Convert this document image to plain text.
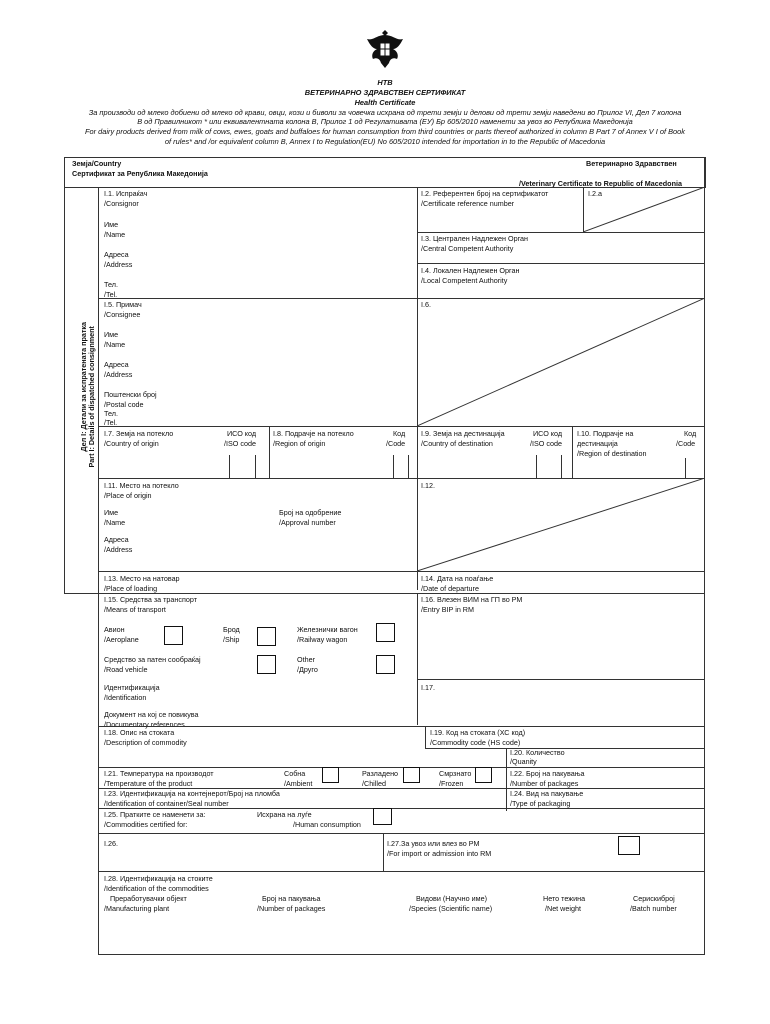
НТВ
ВЕТЕРИНАРНО ЗДРАВСТВЕН СЕРТИФИКАТ
Health Certificate
За производи од млеко добиени од млеко од крави, овци, кози и биволи за човечка исхрана од трети земји и делови од трети земји наведени во Прилог VI, Дел 7 колона
В од Правилникот * или еквивалентната колона В, Прилог 1 од Регулативата (ЕУ) Бр 605/2010 наменети за увоз во Република Македонија
For dairy products derived from milk of cows, ewes, goats and buffaloes for human consumption from third countries or parts thereof authorized in column B Part 7 of Annex V I of Book
of rules* and /or equivalent column B, Annex I to Regulation(EU) No 605/2010 intended for importation in to the Republic of Macedonia
Земја/Country
Сертификат за Република Македонија
Ветеринарно Здравствен
/Veterinary Certificate to Republic of Macedonia
Дел I: Детали за испратената пратка Part I: Details of dispatched consignment
I.1. Испраќач
/Consignor
Име
/Name
Адреса
/Address
Тел.
/Tel.
I.2. Референтен број на сертификатот
/Certificate reference number
I.2.a
I.3. Централен Надлежен Орган
/Central Competent Authority
I.4. Локален Надлежен Орган
/Local Competent Authority
I.5. Примач
/Consignee
Име
/Name
Адреса
/Address
Поштенски број
/Postal code
Тел.
/Tel.
I.6.
I.7. Земја на потекло
/Country of origin
ИСО код
/ISO code
I.8. Подрачје на потекло
/Region of origin
Код
/Code
I.9. Земја на дестинација
/Country of destination
ИСО код
/ISO code
I.10. Подрачје на
дестинација
/Region of destination
Код
/Code
I.11. Место на потекло
/Place of origin
Име
/Name
Број на одобрение
/Approval number
Адреса
/Address
I.12.
I.13. Место на натовар
/Place of loading
I.14. Дата на поаѓање
/Date of departure
I.15. Средства за транспорт
/Means of transport
Авион
/Aeroplane
Брод
/Ship
Железнички вагон
/Railway wagon
Средство за патен сообраќај
/Road vehicle
Other
/Друго
Идентификација
/Identification
Документ на кој се повикува
/Documentary references
I.16. Влезен ВИМ на ГП во РМ
/Entry BIP in RM
I.17.
I.18. Опис на стоката
/Description of commodity
I.19. Код на стоката (ХС код)
/Commodity code (HS code)
I.20. Количество
/Quanity
I.21. Температура на производот
/Temperature of the product
Собна
/Ambient
Разладено
/Chilled
Смрзнато
/Frozen
I.22. Број на пакувања
/Number of packages
I.23. Идентификација на контејнерот/Број на пломба
/Identification of container/Seal number
I.24. Вид на пакување
/Type of packaging
I.25. Пратките се наменети за:
/Commodities certified for:
Исхрана на луѓе
/Human consumption
I.26.	I.27.За увоз или влез во РМ
/For import or admission into RM
I.28. Идентификација на стоките
/Identification of the commodities
Преработувачки објект
/Manufacturing plant
Број на пакувања
/Number of packages
Видови (Научно име)
/Species (Scientific name)
Нето тежина
/Net weight
Серискиброј
/Batch number
